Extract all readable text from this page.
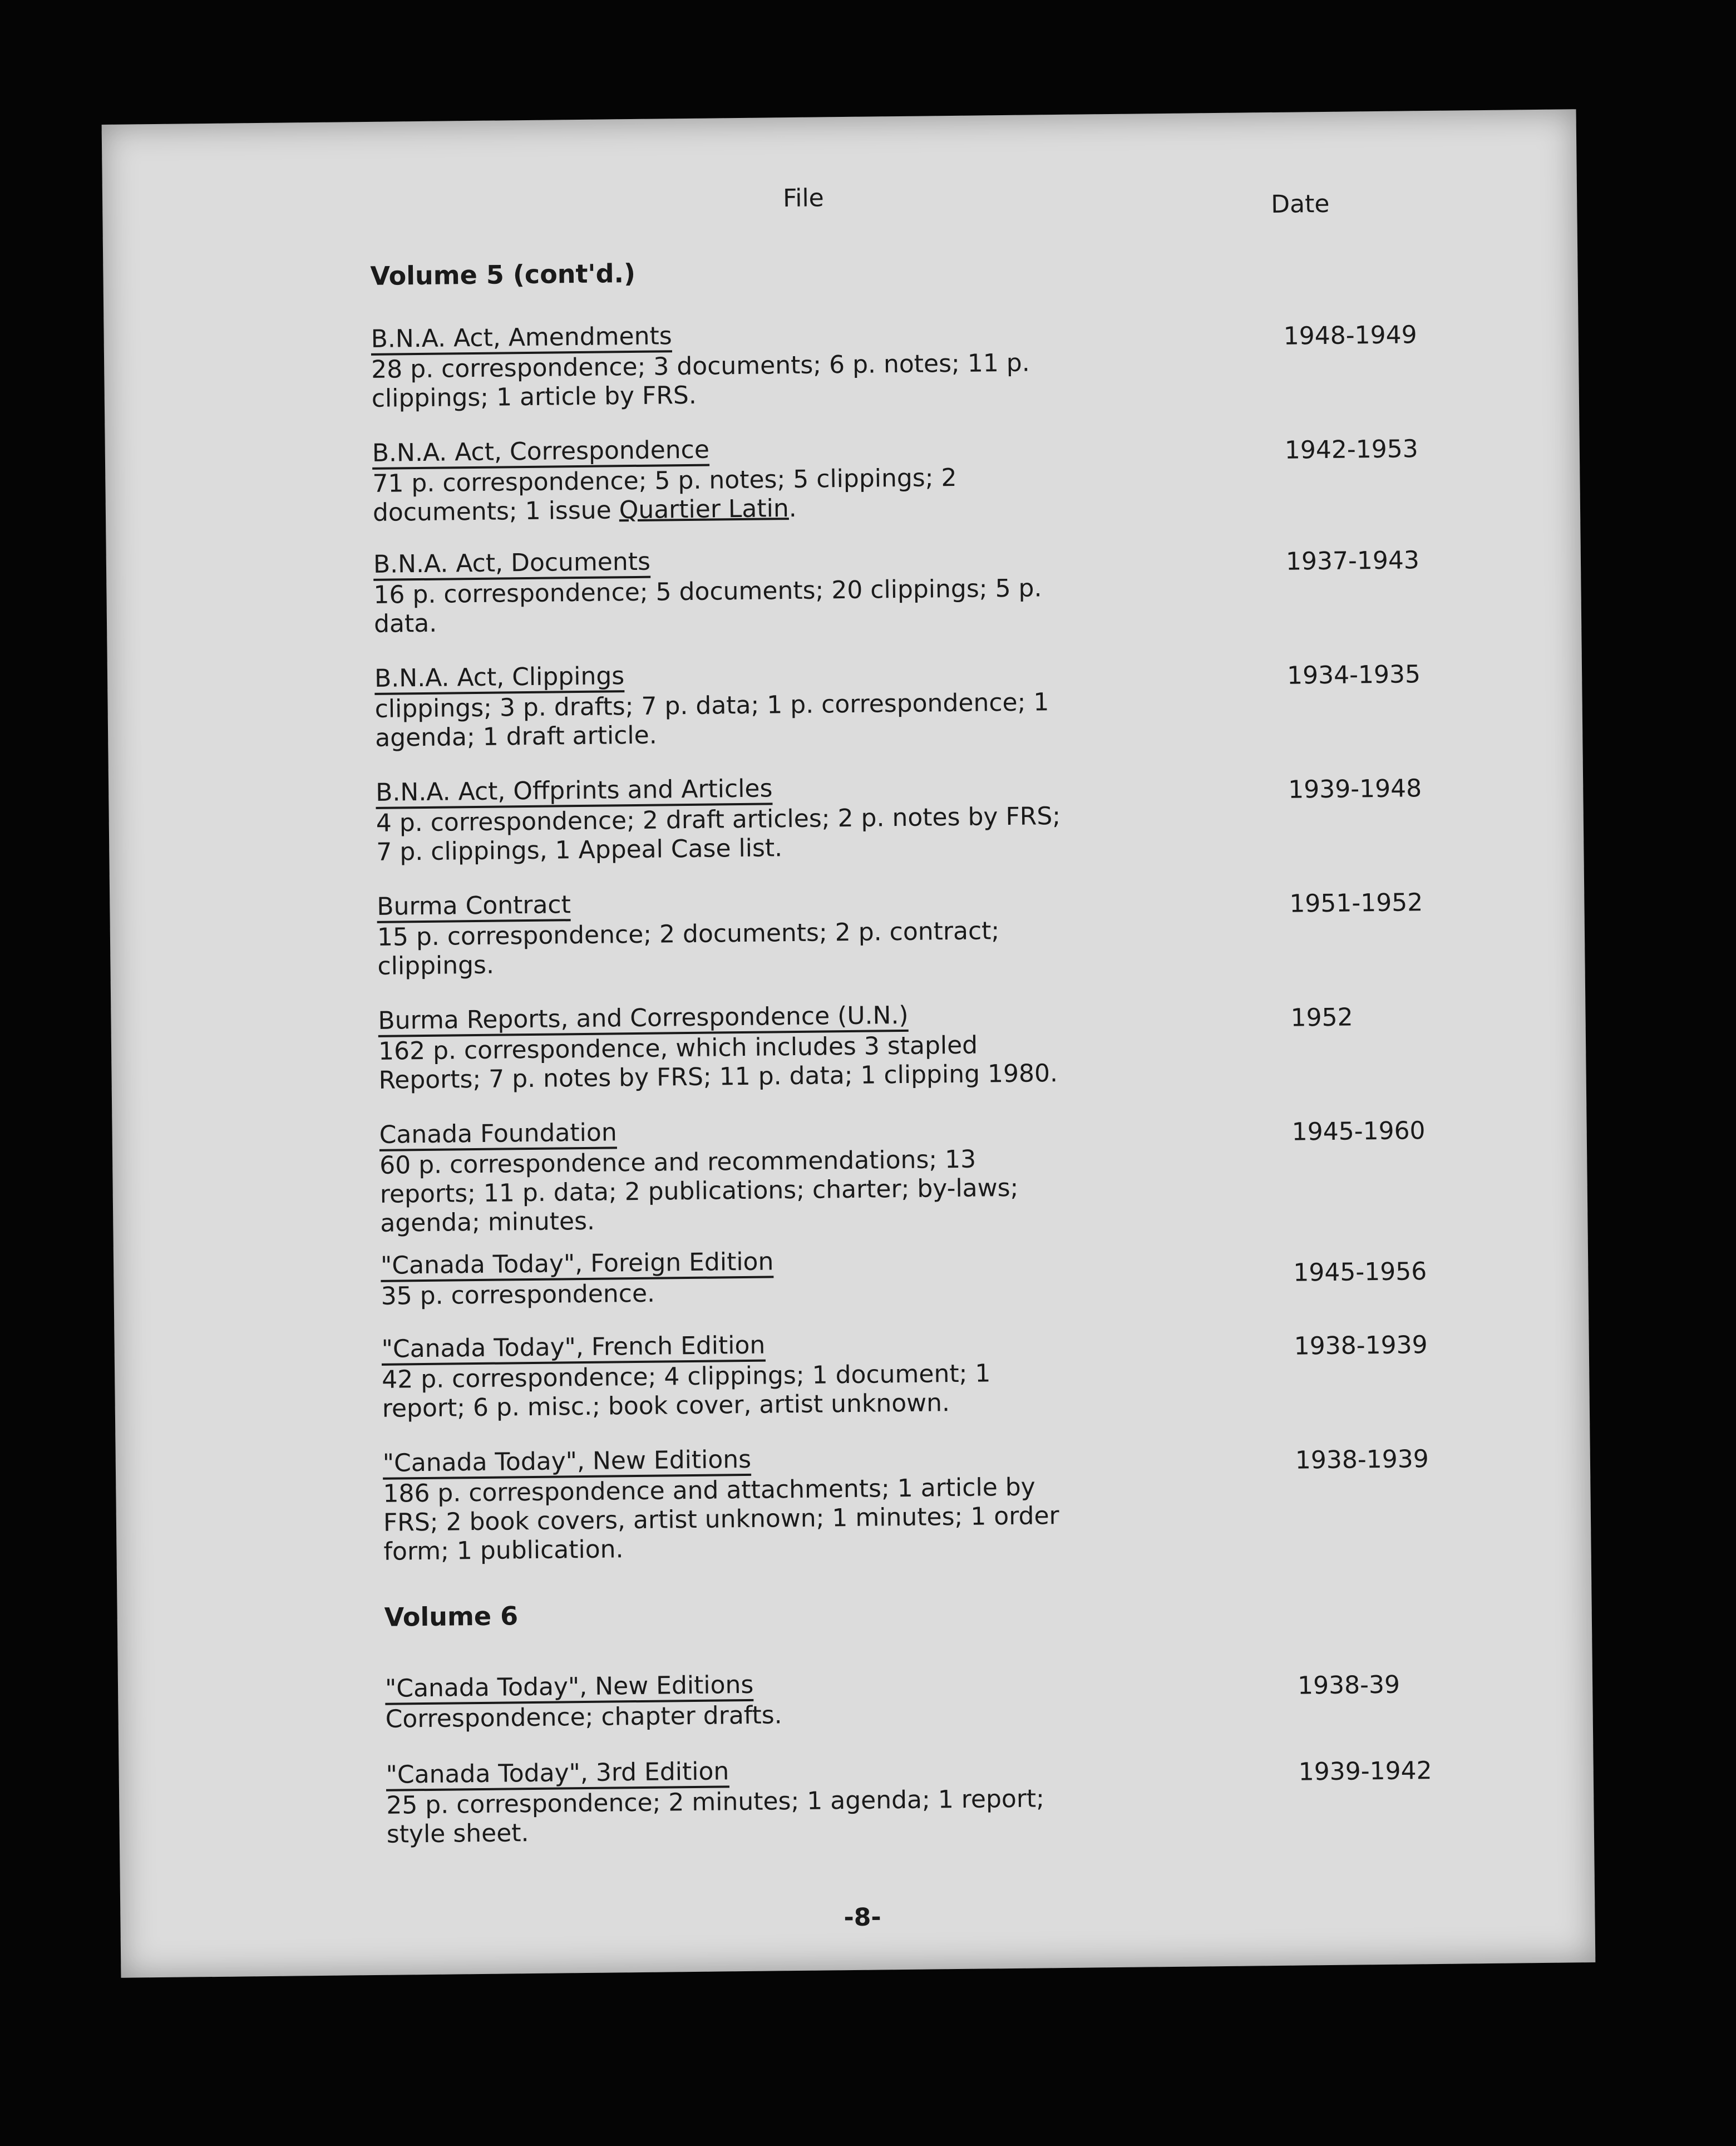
File	Date
Volume 5 (cont'd.)
B.N.A. Act, Amendments
28 p. correspondence; 3 documents; 6 p. notes; 11 p. clippings; 1 article by FRS.
1948-1949
B.N.A. Act, Correspondence
71 p. correspondence; 5 p. notes; 5 clippings; 2 documents; 1 issue Quartier Latin.
1942-1953
B.N.A. Act, Documents
16 p. correspondence; 5 documents; 20 clippings; 5 p. data.
1937-1943
B.N.A. Act, Clippings
clippings; 3 p. drafts; 7 p. data; 1 p. correspondence; 1 agenda; 1 draft article.
1934-1935
B.N.A. Act, Offprints and Articles
4 p. correspondence; 2 draft articles; 2 p. notes by FRS; 7 p. clippings, 1 Appeal Case list.
1939-1948
Burma Contract
15 p. correspondence; 2 documents; 2 p. contract; clippings.
1951-1952
Burma Reports, and Correspondence (U.N.)
162 p. correspondence, which includes 3 stapled Reports; 7 p. notes by FRS; 11 p. data; 1 clipping 1980.
1952
Canada Foundation
60 p. correspondence and recommendations; 13 reports; 11 p. data; 2 publications; charter; by-laws; agenda; minutes.
1945-1960
"Canada Today", Foreign Edition
35 p. correspondence.
1945-1956
"Canada Today", French Edition
42 p. correspondence; 4 clippings; 1 document; 1 report; 6 p. misc.; book cover, artist unknown.
1938-1939
"Canada Today", New Editions
186 p. correspondence and attachments; 1 article by FRS; 2 book covers, artist unknown; 1 minutes; 1 order form; 1 publication.
1938-1939
Volume 6
"Canada Today", New Editions
Correspondence; chapter drafts.
1938-39
"Canada Today", 3rd Edition
25 p. correspondence; 2 minutes; 1 agenda; 1 report; style sheet.
1939-1942
-8-
